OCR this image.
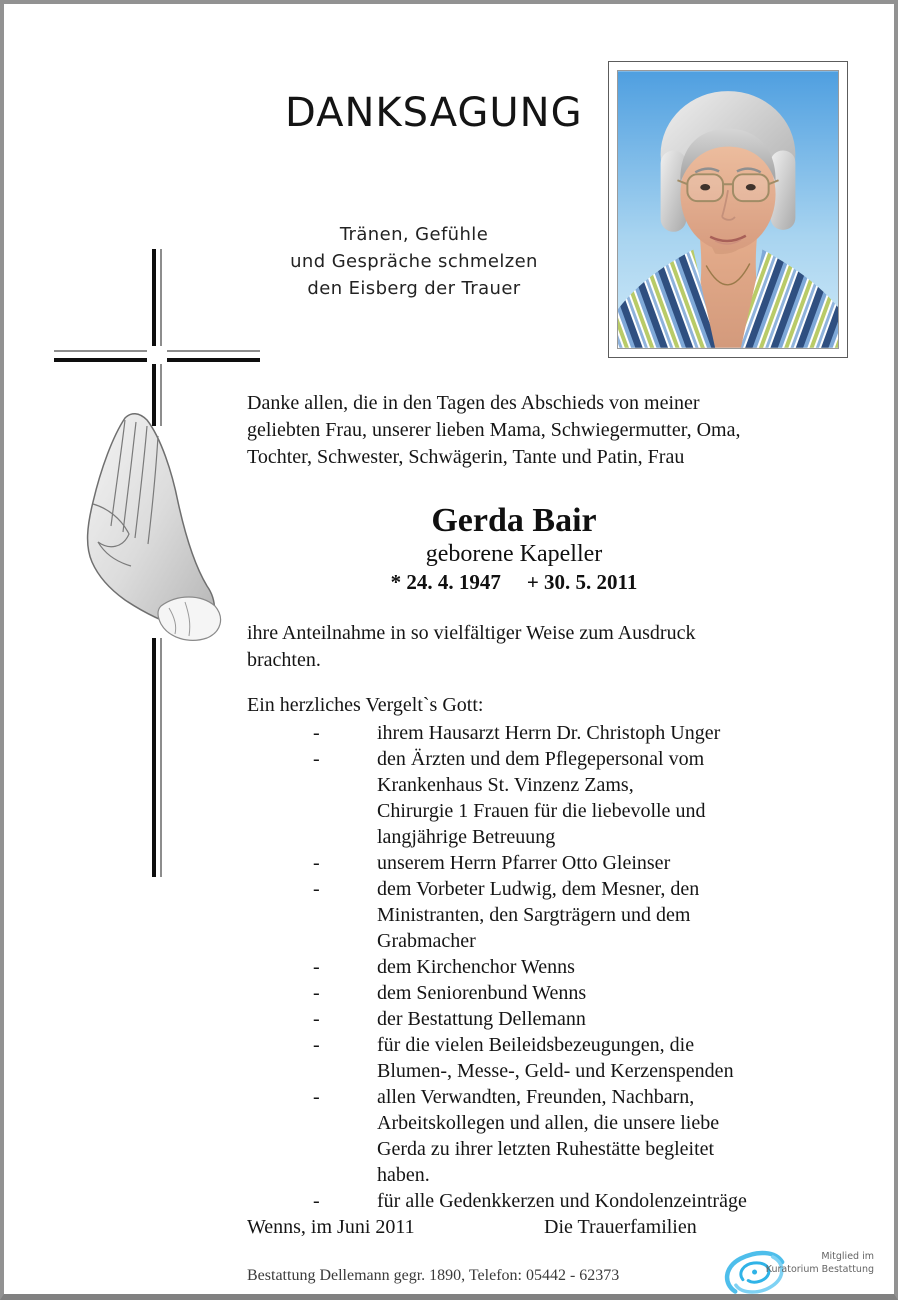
DANKSAGUNG
Tränen, Gefühle
und Gespräche schmelzen
den Eisberg der Trauer
Danke allen, die in den Tagen des Abschieds von meiner
geliebten Frau, unserer lieben Mama, Schwiegermutter, Oma,
Tochter, Schwester, Schwägerin, Tante und Patin, Frau
Gerda Bair
geborene Kapeller
* 24. 4. 1947 + 30. 5. 2011
ihre Anteilnahme in so vielfältiger Weise zum Ausdruck
brachten.
Ein herzliches Vergelt`s Gott:
-	ihrem Hausarzt Herrn Dr. Christoph Unger
-	den Ärzten und dem Pflegepersonal vom
Krankenhaus St. Vinzenz Zams,
Chirurgie 1 Frauen für die liebevolle und
langjährige Betreuung
-	unserem Herrn Pfarrer Otto Gleinser
-	dem Vorbeter Ludwig, dem Mesner, den
Ministranten, den Sargträgern und dem
Grabmacher
-	dem Kirchenchor Wenns
-	dem Seniorenbund Wenns
-	der Bestattung Dellemann
-	für die vielen Beileidsbezeugungen, die
Blumen-, Messe-, Geld- und Kerzenspenden
-	allen Verwandten, Freunden, Nachbarn,
Arbeitskollegen und allen, die unsere liebe
Gerda zu ihrer letzten Ruhestätte begleitet
haben.
-	für alle Gedenkkerzen und Kondolenzeinträge
Wenns, im Juni 2011	Die Trauerfamilien
Bestattung Dellemann gegr. 1890, Telefon: 05442 - 62373
Mitglied im
Kuratorium Bestattung
